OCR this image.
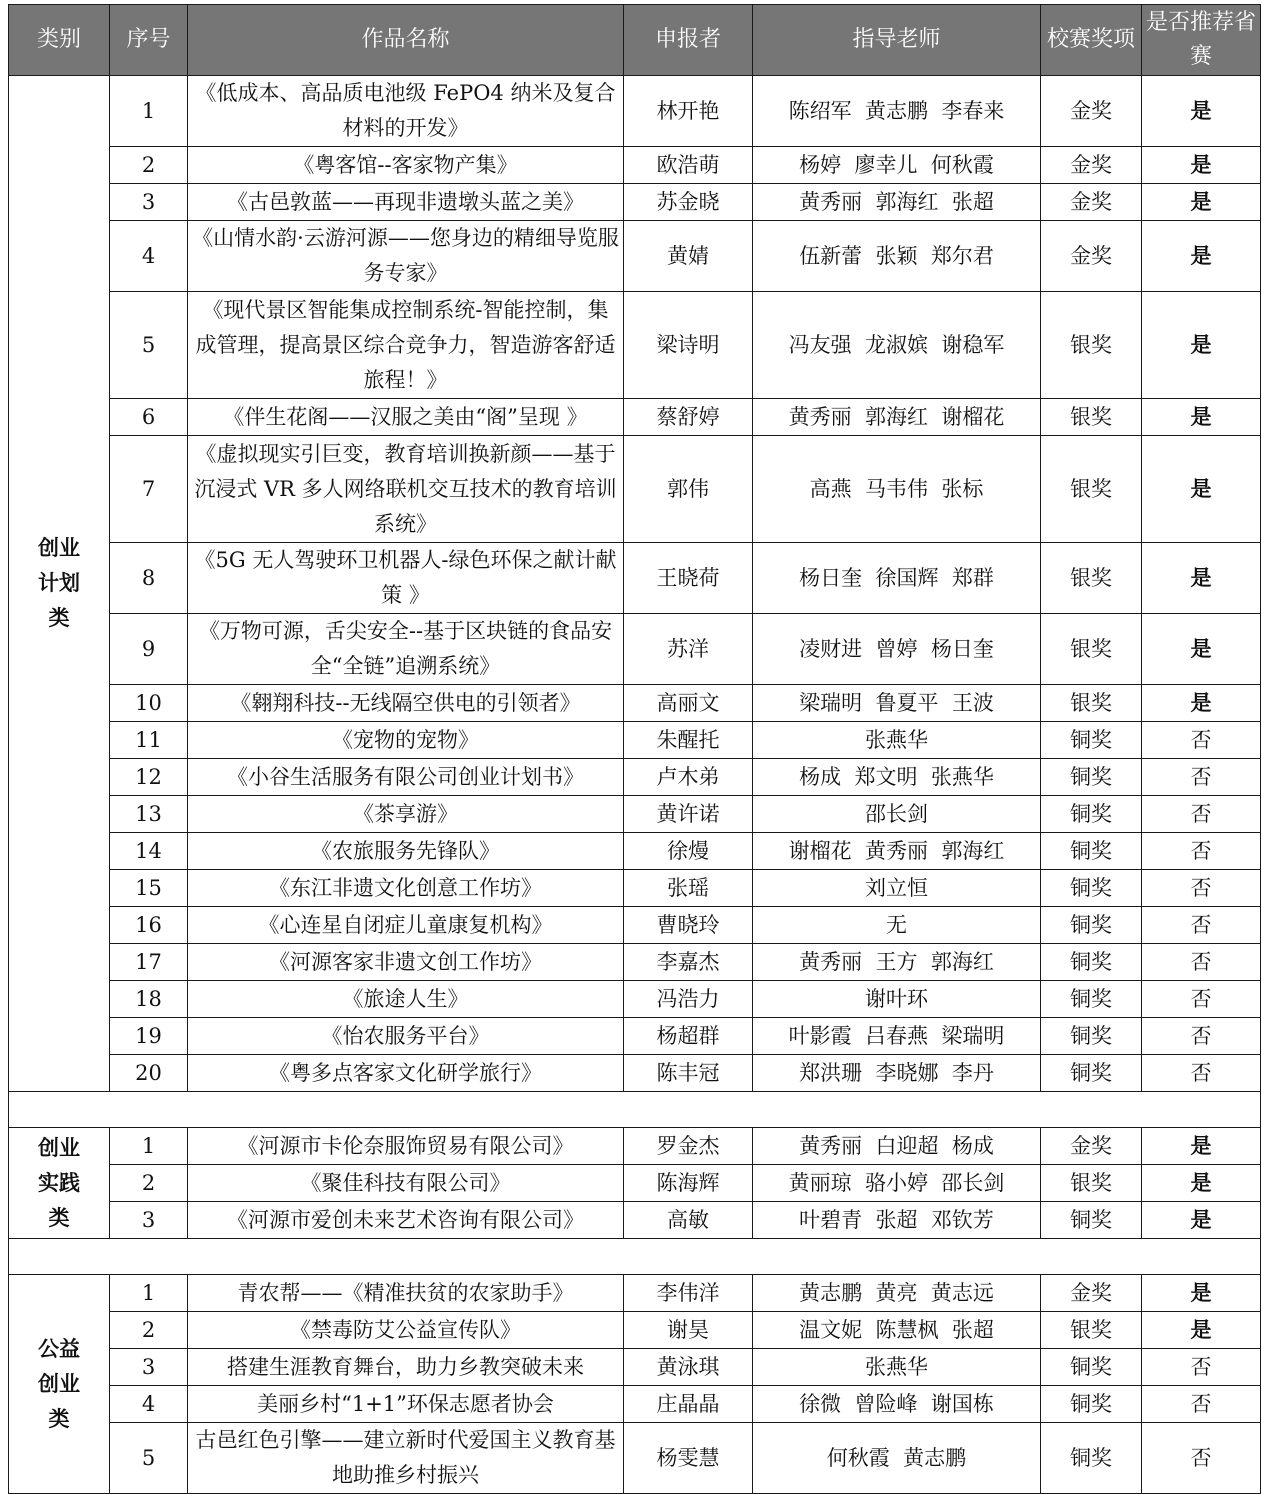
类别	序号	作品名称	申报者	指导老师	校赛奖项	是否推荐省赛

创业计划类	1	《低成本、高品质电池级 FePO4 纳米及复合材料的开发》	林开艳	陈绍军  黄志鹏  李春来	金奖	是
	2	《粤客馆--客家物产集》	欧浩萌	杨婷  廖幸儿  何秋霞	金奖	是
	3	《古邑敦蓝——再现非遗墩头蓝之美》	苏金晓	黄秀丽  郭海红  张超	金奖	是
	4	《山情水韵·云游河源——您身边的精细导览服务专家》	黄婧	伍新蕾  张颖  郑尔君	金奖	是
	5	《现代景区智能集成控制系统-智能控制，集成管理，提高景区综合竞争力，智造游客舒适旅程！》	梁诗明	冯友强  龙淑嫔  谢稳军	银奖	是
	6	《伴生花阁——汉服之美由“阁”呈现 》	蔡舒婷	黄秀丽  郭海红  谢榴花	银奖	是
	7	《虚拟现实引巨变，教育培训换新颜——基于沉浸式 VR 多人网络联机交互技术的教育培训系统》	郭伟	高燕  马韦伟  张标	银奖	是
	8	《5G 无人驾驶环卫机器人-绿色环保之献计献策 》	王晓荷	杨日奎  徐国辉  郑群	银奖	是
	9	《万物可源，舌尖安全--基于区块链的食品安全“全链”追溯系统》	苏洋	凌财进  曾婷  杨日奎	银奖	是
	10	《翱翔科技--无线隔空供电的引领者》	高丽文	梁瑞明  鲁夏平  王波	银奖	是
	11	《宠物的宠物》	朱醒托	张燕华	铜奖	否
	12	《小谷生活服务有限公司创业计划书》	卢木弟	杨成  郑文明  张燕华	铜奖	否
	13	《茶享游》	黄许诺	邵长剑	铜奖	否
	14	《农旅服务先锋队》	徐熳	谢榴花  黄秀丽  郭海红	铜奖	否
	15	《东江非遗文化创意工作坊》	张瑶	刘立恒	铜奖	否
	16	《心连星自闭症儿童康复机构》	曹晓玲	无	铜奖	否
	17	《河源客家非遗文创工作坊》	李嘉杰	黄秀丽  王方  郭海红	铜奖	否
	18	《旅途人生》	冯浩力	谢叶环	铜奖	否
	19	《怡农服务平台》	杨超群	叶影霞  吕春燕  梁瑞明	铜奖	否
	20	《粤多点客家文化研学旅行》	陈丰冠	郑洪珊  李晓娜  李丹	铜奖	否

创业实践类	1	《河源市卡伦奈服饰贸易有限公司》	罗金杰	黄秀丽  白迎超  杨成	金奖	是
	2	《聚佳科技有限公司》	陈海辉	黄丽琼  骆小婷  邵长剑	银奖	是
	3	《河源市爱创未来艺术咨询有限公司》	高敏	叶碧青  张超  邓钦芳	铜奖	是

公益创业类	1	青农帮——《精准扶贫的农家助手》	李伟洋	黄志鹏  黄亮  黄志远	金奖	是
	2	《禁毒防艾公益宣传队》	谢昊	温文妮  陈慧枫  张超	银奖	是
	3	搭建生涯教育舞台，助力乡教突破未来	黄泳琪	张燕华	铜奖	否
	4	美丽乡村“1+1”环保志愿者协会	庄晶晶	徐微  曾险峰  谢国栋	铜奖	否
	5	古邑红色引擎——建立新时代爱国主义教育基地助推乡村振兴	杨雯慧	何秋霞  黄志鹏	铜奖	否
